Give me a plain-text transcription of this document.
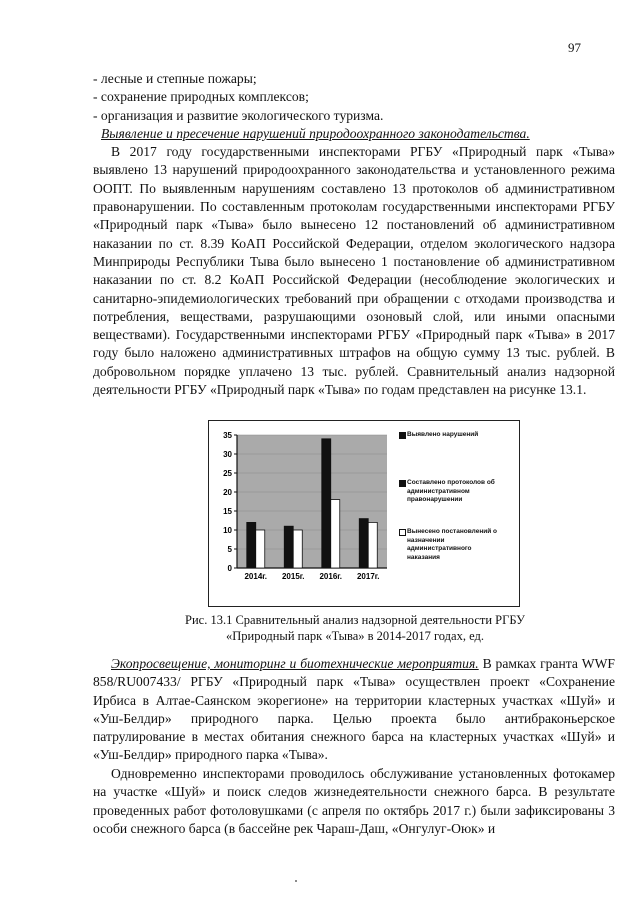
97
- лесные и степные пожары;
- сохранение природных комплексов;
- организация и развитие экологического туризма.
Выявление и пресечение нарушений природоохранного законодательства.

В 2017 году государственными инспекторами РГБУ «Природный парк «Тыва» выявлено 13 нарушений природоохранного законодательства и установленного режима ООПТ. По выявленным нарушениям составлено 13 протоколов об административном правонарушении. По составленным протоколам государственными инспекторами РГБУ «Природный парк «Тыва» было вынесено 12 постановлений об административном наказании по ст. 8.39 КоАП Российской Федерации, отделом экологического надзора Минприроды Республики Тыва было вынесено 1 постановление об административном наказании по ст. 8.2 КоАП Российской Федерации (несоблюдение экологических и санитарно-эпидемиологических требований при обращении с отходами производства и потребления, веществами, разрушающими озоновый слой, или иными опасными веществами). Государственными инспекторами РГБУ «Природный парк «Тыва» в 2017 году было наложено административных штрафов на общую сумму 13 тыс. рублей. В добровольном порядке уплачено 13 тыс. рублей. Сравнительный анализ надзорной деятельности РГБУ «Природный парк «Тыва» по годам представлен на рисунке 13.1.

0
5
10
15
20
25
30
35
2014г. 2015г. 2016г. 2017г.
Выявлено нарушений
Составлено протоколов об административном правонарушении
Вынесено постановлений о назначении административного наказания
Рис. 13.1 Сравнительный анализ надзорной деятельности РГБУ
«Природный парк «Тыва» в 2014-2017 годах, ед.

Экопросвещение, мониторинг и биотехнические мероприятия. В рамках гранта WWF 858/RU007433/ РГБУ «Природный парк «Тыва» осуществлен проект «Сохранение Ирбиса в Алтае-Саянском экорегионе» на территории кластерных участках «Шуй» и «Уш-Белдир» природного парка. Целью проекта было антибраконьерское патрулирование в местах обитания снежного барса на кластерных участках «Шуй» и «Уш-Белдир» природного парка «Тыва».

Одновременно инспекторами проводилось обслуживание установленных фотокамер на участке «Шуй» и поиск следов жизнедеятельности снежного барса. В результате проведенных работ фотоловушками (с апреля по октябрь 2017 г.) были зафиксированы 3 особи снежного барса (в бассейне рек Чараш-Даш, «Онгулуг-Оюк» и
